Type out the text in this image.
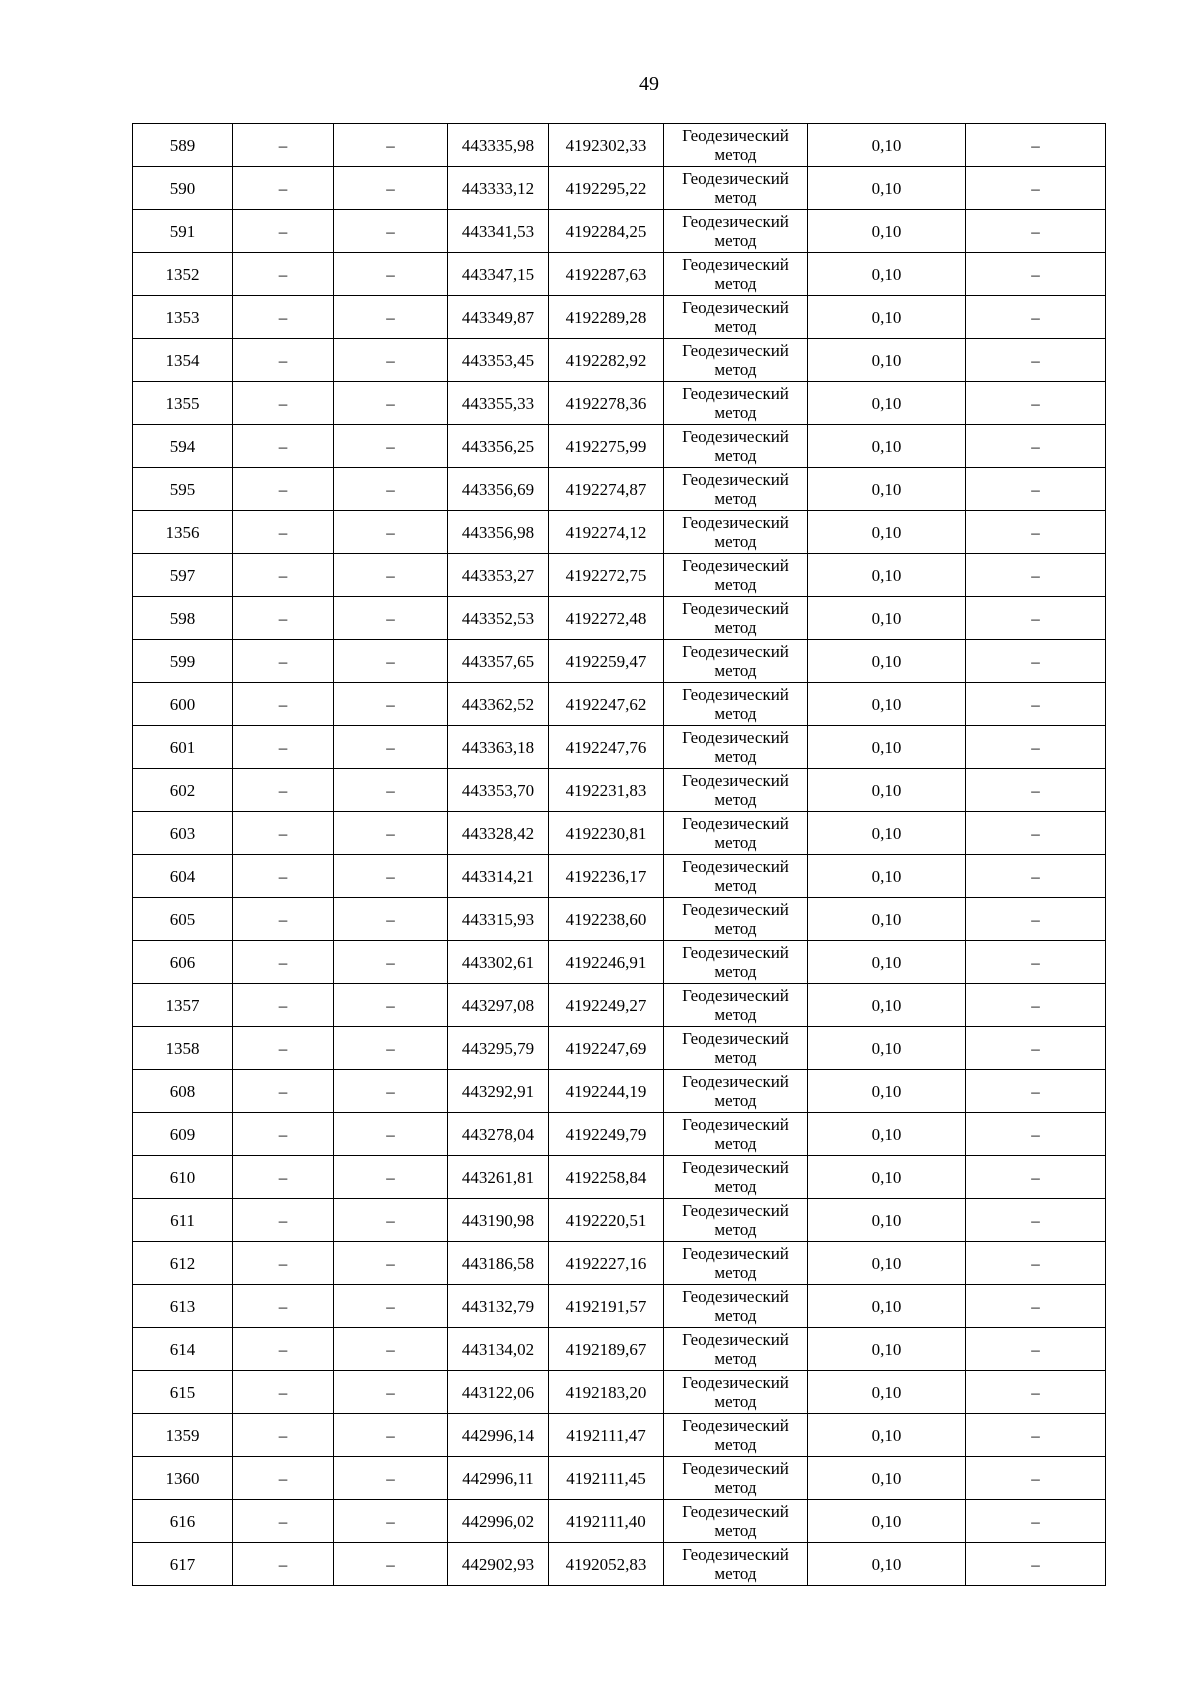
49
589	–	–	443335,98	4192302,33	Геодезический метод	0,10	–
590	–	–	443333,12	4192295,22	Геодезический метод	0,10	–
591	–	–	443341,53	4192284,25	Геодезический метод	0,10	–
1352	–	–	443347,15	4192287,63	Геодезический метод	0,10	–
1353	–	–	443349,87	4192289,28	Геодезический метод	0,10	–
1354	–	–	443353,45	4192282,92	Геодезический метод	0,10	–
1355	–	–	443355,33	4192278,36	Геодезический метод	0,10	–
594	–	–	443356,25	4192275,99	Геодезический метод	0,10	–
595	–	–	443356,69	4192274,87	Геодезический метод	0,10	–
1356	–	–	443356,98	4192274,12	Геодезический метод	0,10	–
597	–	–	443353,27	4192272,75	Геодезический метод	0,10	–
598	–	–	443352,53	4192272,48	Геодезический метод	0,10	–
599	–	–	443357,65	4192259,47	Геодезический метод	0,10	–
600	–	–	443362,52	4192247,62	Геодезический метод	0,10	–
601	–	–	443363,18	4192247,76	Геодезический метод	0,10	–
602	–	–	443353,70	4192231,83	Геодезический метод	0,10	–
603	–	–	443328,42	4192230,81	Геодезический метод	0,10	–
604	–	–	443314,21	4192236,17	Геодезический метод	0,10	–
605	–	–	443315,93	4192238,60	Геодезический метод	0,10	–
606	–	–	443302,61	4192246,91	Геодезический метод	0,10	–
1357	–	–	443297,08	4192249,27	Геодезический метод	0,10	–
1358	–	–	443295,79	4192247,69	Геодезический метод	0,10	–
608	–	–	443292,91	4192244,19	Геодезический метод	0,10	–
609	–	–	443278,04	4192249,79	Геодезический метод	0,10	–
610	–	–	443261,81	4192258,84	Геодезический метод	0,10	–
611	–	–	443190,98	4192220,51	Геодезический метод	0,10	–
612	–	–	443186,58	4192227,16	Геодезический метод	0,10	–
613	–	–	443132,79	4192191,57	Геодезический метод	0,10	–
614	–	–	443134,02	4192189,67	Геодезический метод	0,10	–
615	–	–	443122,06	4192183,20	Геодезический метод	0,10	–
1359	–	–	442996,14	4192111,47	Геодезический метод	0,10	–
1360	–	–	442996,11	4192111,45	Геодезический метод	0,10	–
616	–	–	442996,02	4192111,40	Геодезический метод	0,10	–
617	–	–	442902,93	4192052,83	Геодезический метод	0,10	–
